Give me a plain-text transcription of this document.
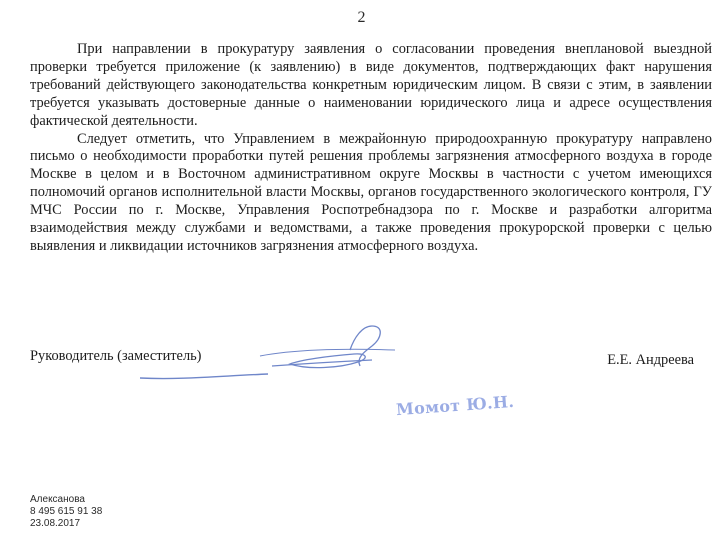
2

При направлении в прокуратуру заявления о согласовании проведения внеплановой выездной проверки требуется приложение (к заявлению) в виде документов, подтверждающих факт нарушения требований действующего законодательства конкретным юридическим лицом. В связи с этим, в заявлении требуется указывать достоверные данные о наименовании юридического лица и адресе осуществления фактической деятельности.

Следует отметить, что Управлением в межрайонную природоохранную прокуратуру направлено письмо о необходимости проработки путей решения проблемы загрязнения атмосферного воздуха в городе Москве в целом и в Восточном административном округе Москвы в частности с учетом имеющихся полномочий органов исполнительной власти Москвы, органов государственного экологического контроля, ГУ МЧС России по г. Москве, Управления Роспотребнадзора по г. Москве и разработки алгоритма взаимодействия между службами и ведомствами, а также проведения прокурорской проверки с целью выявления и ликвидации источников загрязнения атмосферного воздуха.

Руководитель (заместитель)	Е.Е. Андреева
Момот Ю.Н.
Алексанова
8 495 615 91 38
23.08.2017
